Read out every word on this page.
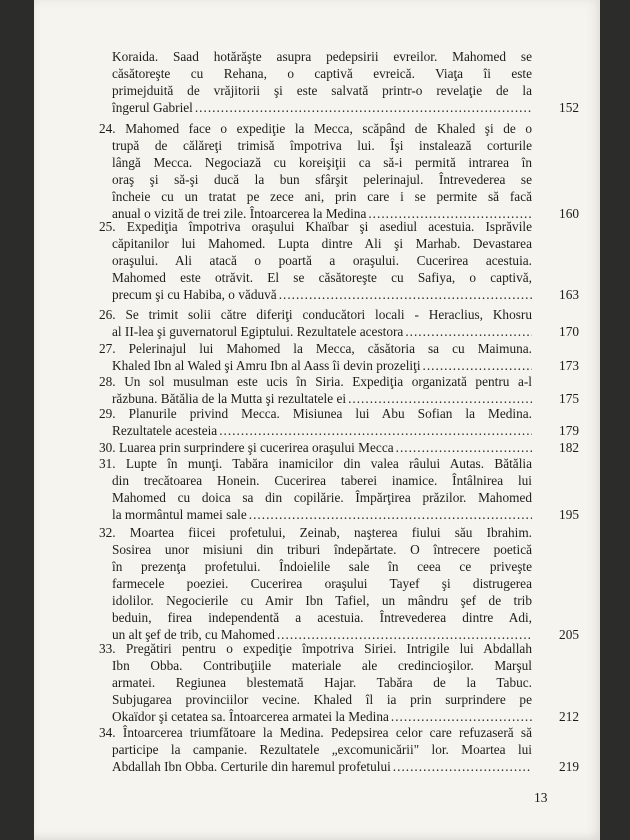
Koraida. Saad hotărăşte asupra pedepsirii evreilor. Mahomed se
căsătoreşte cu Rehana, o captivă evreică. Viaţa îi este
primejduită de vrăjitorii şi este salvată printr-o revelaţie de la
îngerul Gabriel .....	152
24. Mahomed face o expediţie la Mecca, scăpând de Khaled şi de o
trupă de călăreţi trimisă împotriva lui. Îşi instalează corturile
lângă Mecca. Negociază cu koreişiţii ca să-i permită intrarea în
oraş şi să-şi ducă la bun sfârşit pelerinajul. Întrevederea se
încheie cu un tratat pe zece ani, prin care i se permite să facă
anual o vizită de trei zile. Întoarcerea la Medina .....	160
25. Expediţia împotriva oraşului Khaïbar şi asediul acestuia. Isprăvile
căpitanilor lui Mahomed. Lupta dintre Ali şi Marhab. Devastarea
oraşului. Ali atacă o poartă a oraşului. Cucerirea acestuia.
Mahomed este otrăvit. El se căsătoreşte cu Safiya, o captivă,
precum şi cu Habiba, o văduvă .....	163
26. Se trimit solii către diferiţi conducători locali - Heraclius, Khosru
al II-lea şi guvernatorul Egiptului. Rezultatele acestora .....	170
27. Pelerinajul lui Mahomed la Mecca, căsătoria sa cu Maimuna.
Khaled Ibn al Waled şi Amru Ibn al Aass îi devin prozeliţi .....	173
28. Un sol musulman este ucis în Siria. Expediţia organizată pentru a-l
răzbuna. Bătălia de la Mutta şi rezultatele ei .....	175
29. Planurile privind Mecca. Misiunea lui Abu Sofian la Medina.
Rezultatele acesteia .....	179
30. Luarea prin surprindere şi cucerirea oraşului Mecca .....	182
31. Lupte în munţi. Tabăra inamicilor din valea râului Autas. Bătălia
din trecătoarea Honein. Cucerirea taberei inamice. Întâlnirea lui
Mahomed cu doica sa din copilărie. Împărţirea prăzilor. Mahomed
la mormântul mamei sale .....	195
32. Moartea fiicei profetului, Zeinab, naşterea fiului său Ibrahim.
Sosirea unor misiuni din triburi îndepărtate. O întrecere poetică
în prezenţa profetului. Îndoielile sale în ceea ce priveşte
farmecele poeziei. Cucerirea oraşului Tayef şi distrugerea
idolilor. Negocierile cu Amir Ibn Tafiel, un mândru şef de trib
beduin, firea independentă a acestuia. Întrevederea dintre Adi,
un alt şef de trib, cu Mahomed .....	205
33. Pregătiri pentru o expediţie împotriva Siriei. Intrigile lui Abdallah
Ibn Obba. Contribuţiile materiale ale credincioşilor. Marşul
armatei. Regiunea blestemată Hajar. Tabăra de la Tabuc.
Subjugarea provinciilor vecine. Khaled îl ia prin surprindere pe
Okaïdor şi cetatea sa. Întoarcerea armatei la Medina .....	212
34. Întoarcerea triumfătoare la Medina. Pedepsirea celor care refuzaseră să
participe la campanie. Rezultatele „excomunicării" lor. Moartea lui
Abdallah Ibn Obba. Certurile din haremul profetului .....	219
13
